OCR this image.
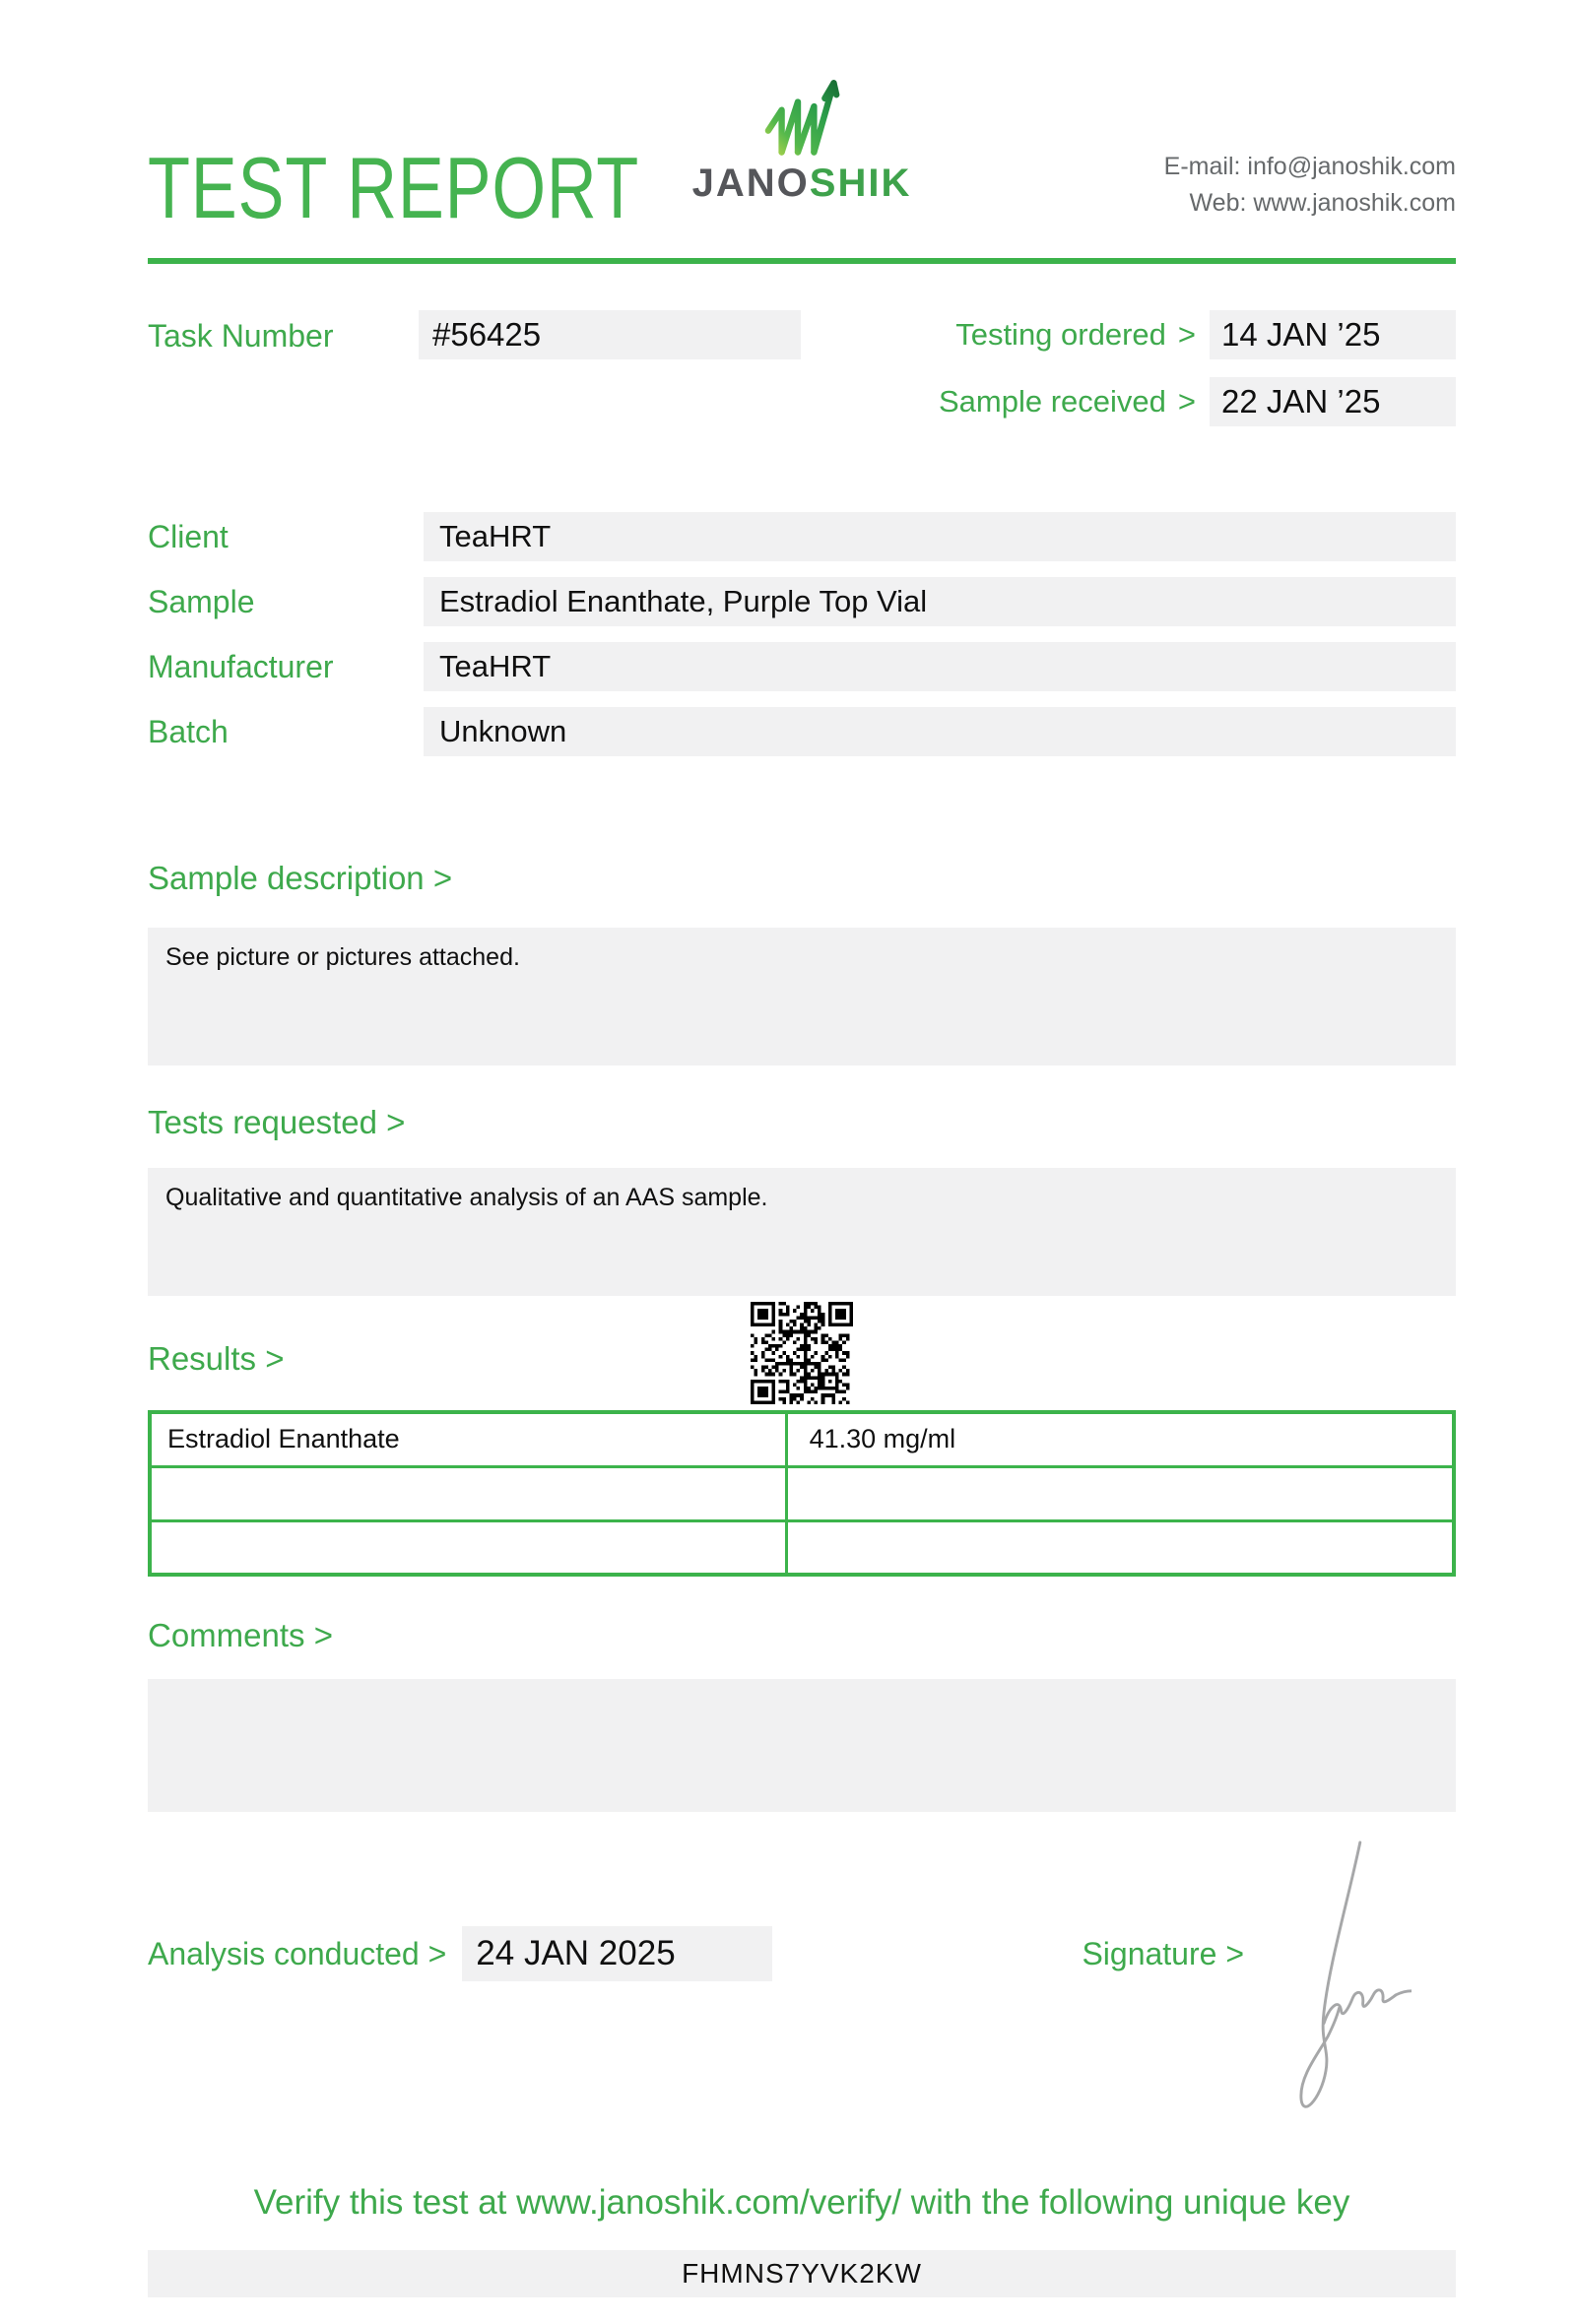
TEST REPORT JANOSHIK	E-mail: info@janoshik.com
Web: www.janoshik.com
Task Number	#56425	Testing ordered > 14 JAN ’25
Sample received > 22 JAN ’25
Client	TeaHRT
Sample	Estradiol Enanthate, Purple Top Vial
Manufacturer	TeaHRT
Batch	Unknown
Sample description >
See picture or pictures attached.
Tests requested >
Qualitative and quantitative analysis of an AAS sample.
Results >
Estradiol Enanthate	41.30 mg/ml

Comments >
Analysis conducted > 24 JAN 2025	Signature >
Verify this test at www.janoshik.com/verify/ with the following unique key
FHMNS7YVK2KW
